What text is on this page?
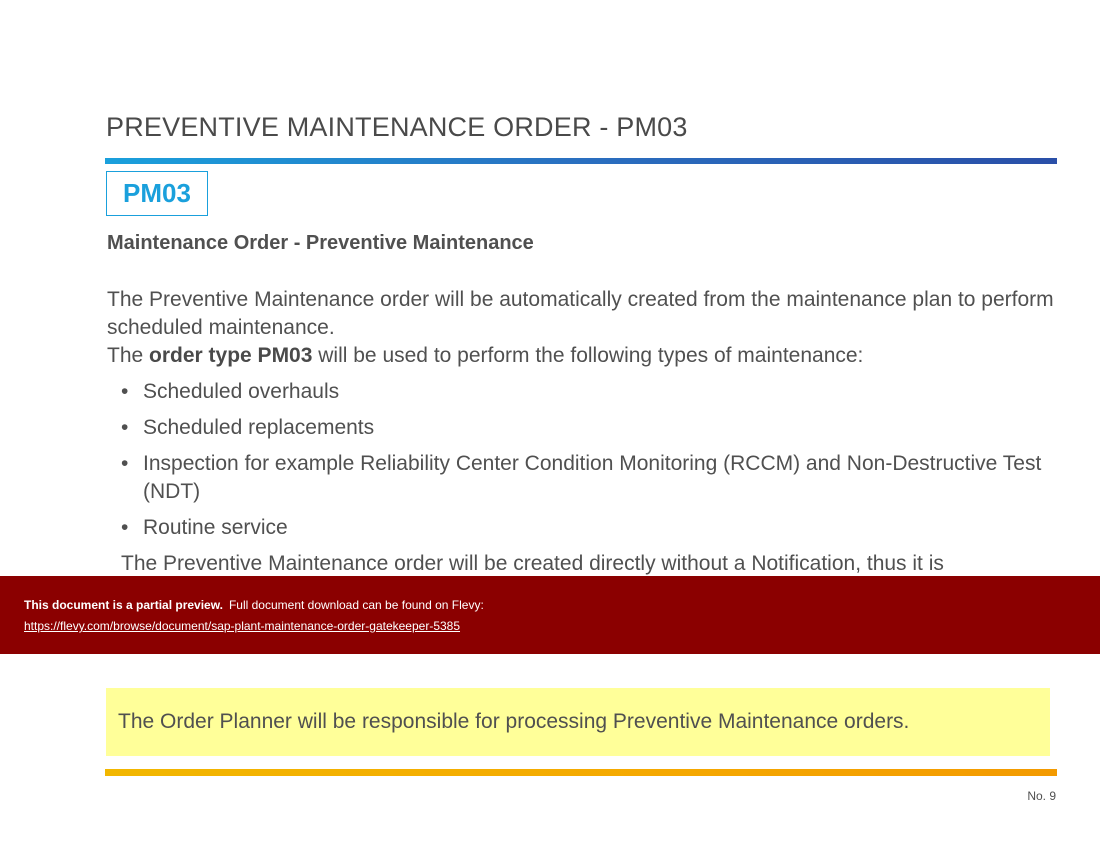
PREVENTIVE MAINTENANCE ORDER - PM03
PM03
Maintenance Order - Preventive Maintenance

The Preventive Maintenance order will be automatically created from the maintenance plan to perform scheduled maintenance.

The order type PM03 will be used to perform the following types of maintenance:

• Scheduled overhauls
• Scheduled replacements
• Inspection for example Reliability Center Condition Monitoring (RCCM) and Non-Destructive Test (NDT)
• Routine service

The Preventive Maintenance order will be created directly without a Notification, thus it is

This document is a partial preview. Full document download can be found on Flevy:
https://flevy.com/browse/document/sap-plant-maintenance-order-gatekeeper-5385
The Order Planner will be responsible for processing Preventive Maintenance orders.
No. 9
